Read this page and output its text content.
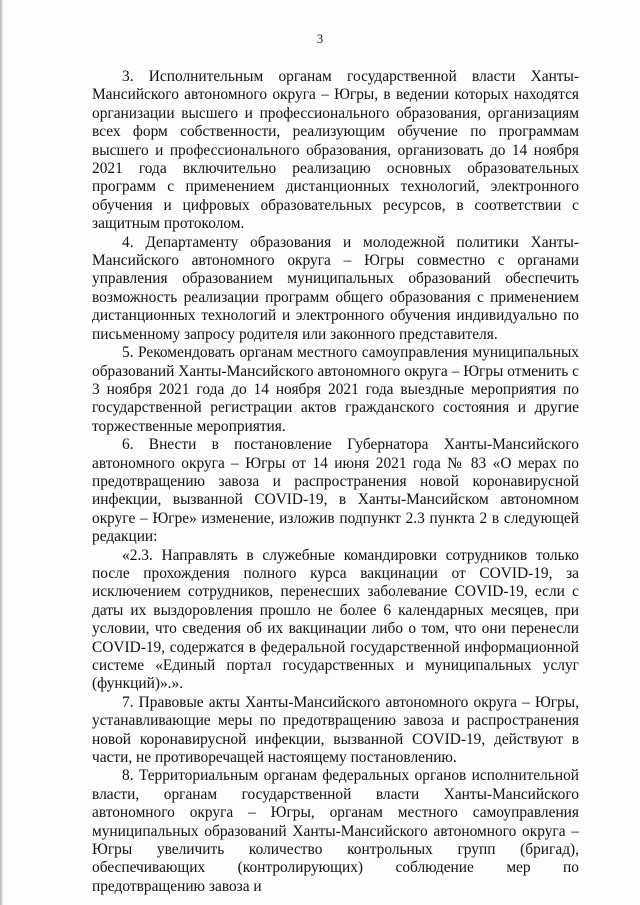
3

3. Исполнительным органам государственной власти Ханты-Мансийского автономного округа – Югры, в ведении которых находятся организации высшего и профессионального образования, организациям всех форм собственности, реализующим обучение по программам высшего и профессионального образования, организовать до 14 ноября 2021 года включительно реализацию основных образовательных программ с применением дистанционных технологий, электронного обучения и цифровых образовательных ресурсов, в соответствии с защитным протоколом.

4. Департаменту образования и молодежной политики Ханты-Мансийского автономного округа – Югры совместно с органами управления образованием муниципальных образований обеспечить возможность реализации программ общего образования с применением дистанционных технологий и электронного обучения индивидуально по письменному запросу родителя или законного представителя.

5. Рекомендовать органам местного самоуправления муниципальных образований Ханты-Мансийского автономного округа – Югры отменить с 3 ноября 2021 года до 14 ноября 2021 года выездные мероприятия по государственной регистрации актов гражданского состояния и другие торжественные мероприятия.

6. Внести в постановление Губернатора Ханты-Мансийского автономного округа – Югры от 14 июня 2021 года № 83 «О мерах по предотвращению завоза и распространения новой коронавирусной инфекции, вызванной COVID-19, в Ханты-Мансийском автономном округе – Югре» изменение, изложив подпункт 2.3 пункта 2 в следующей редакции:

«2.3. Направлять в служебные командировки сотрудников только после прохождения полного курса вакцинации от COVID-19, за исключением сотрудников, перенесших заболевание COVID-19, если с даты их выздоровления прошло не более 6 календарных месяцев, при условии, что сведения об их вакцинации либо о том, что они перенесли COVID-19, содержатся в федеральной государственной информационной системе «Единый портал государственных и муниципальных услуг (функций)».».

7. Правовые акты Ханты-Мансийского автономного округа – Югры, устанавливающие меры по предотвращению завоза и распространения новой коронавирусной инфекции, вызванной COVID-19, действуют в части, не противоречащей настоящему постановлению.

8. Территориальным органам федеральных органов исполнительной власти, органам государственной власти Ханты-Мансийского автономного округа – Югры, органам местного самоуправления муниципальных образований Ханты-Мансийского автономного округа – Югры увеличить количество контрольных групп (бригад), обеспечивающих (контролирующих) соблюдение мер по предотвращению завоза и
